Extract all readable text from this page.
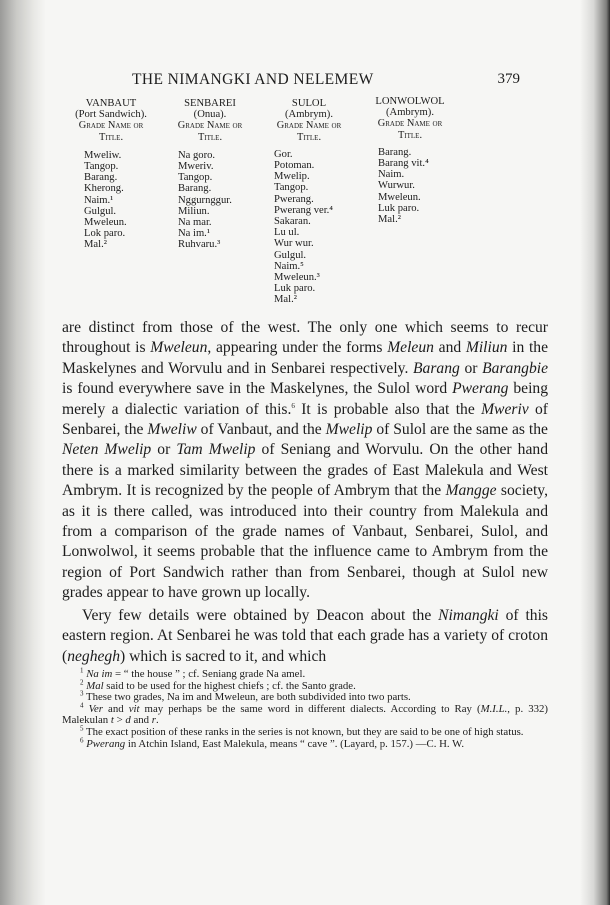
THE NIMANGKI AND NELEMEW	379
VANBAUT
(Port Sandwich).
Grade Name or
Title.
Mweliw.
Tangop.
Barang.
Kherong.
Naim.¹
Gulgul.
Mweleun.
Lok paro.
Mal.²
SENBAREI
(Onua).
Grade Name or
Title.
Na goro.
Mweriv.
Tangop.
Barang.
Nggurnggur.
Miliun.
Na mar.
Na im.¹
Ruhvaru.³
SULOL
(Ambrym).
Grade Name or
Title.
Gor.
Potoman.
Mwelip.
Tangop.
Pwerang.
Pwerang ver.⁴
Sakaran.
Lu ul.
Wur wur.
Gulgul.
Naim.⁵
Mweleun.³
Luk paro.
Mal.²
LONWOLWOL
(Ambrym).
Grade Name or
Title.
Barang.
Barang vit.⁴
Naim.
Wurwur.
Mweleun.
Luk paro.
Mal.²

are distinct from those of the west. The only one which seems to recur throughout is Mweleun, appearing under the forms Meleun and Miliun in the Maskelynes and Worvulu and in Senbarei respectively. Barang or Barangbie is found everywhere save in the Maskelynes, the Sulol word Pwerang being merely a dialectic variation of this.$^6$ It is probable also that the Mweriv of Senbarei, the Mweliw of Vanbaut, and the Mwelip of Sulol are the same as the Neten Mwelip or Tam Mwelip of Seniang and Worvulu. On the other hand there is a marked similarity between the grades of East Malekula and West Ambrym. It is recognized by the people of Ambrym that the Mangge society, as it is there called, was introduced into their country from Malekula and from a comparison of the grade names of Vanbaut, Senbarei, Sulol, and Lonwolwol, it seems probable that the influence came to Ambrym from the region of Port Sandwich rather than from Senbarei, though at Sulol new grades appear to have grown up locally.

Very few details were obtained by Deacon about the Nimangki of this eastern region. At Senbarei he was told that each grade has a variety of croton (neghegh) which is sacred to it, and which

$^1$ Na im = “ the house ” ; cf. Seniang grade Na amel.

$^2$ Mal said to be used for the highest chiefs ; cf. the Santo grade.

$^3$ These two grades, Na im and Mweleun, are both subdivided into two parts.

$^4$ Ver and vit may perhaps be the same word in different dialects. According to Ray (M.I.L., p. 332) Malekulan t > d and r.

$^5$ The exact position of these ranks in the series is not known, but they are said to be one of high status.

$^6$ Pwerang in Atchin Island, East Malekula, means “ cave ”. (Layard, p. 157.) —C. H. W.
